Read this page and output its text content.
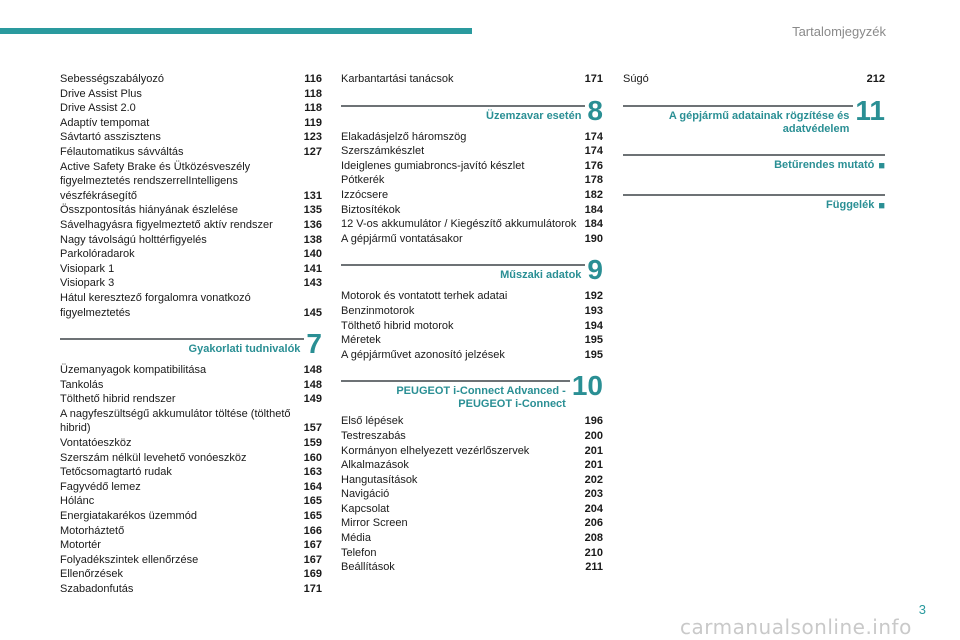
Tartalomjegyzék
Sebességszabályozó	116
Drive Assist Plus	118
Drive Assist 2.0	118
Adaptív tempomat	119
Sávtartó asszisztens	123
Félautomatikus sávváltás	127
Active Safety Brake és Ütközésveszély figyelmeztetés rendszerrelIntelligens vészfékrásegítő	131
Összpontosítás hiányának észlelése	135
Sávelhagyásra figyelmeztető aktív rendszer	136
Nagy távolságú holttérfigyelés	138
Parkolóradarok	140
Visiopark 1	141
Visiopark 3	143
Hátul keresztező forgalomra vonatkozó figyelmeztetés	145
Gyakorlati tudnivalók 7
Üzemanyagok kompatibilitása	148
Tankolás	148
Tölthető hibrid rendszer	149
A nagyfeszültségű akkumulátor töltése (tölthető hibrid)	157
Vontatóeszköz	159
Szerszám nélkül levehető vonóeszköz	160
Tetőcsomagtartó rudak	163
Fagyvédő lemez	164
Hólánc	165
Energiatakarékos üzemmód	165
Motorháztető	166
Motortér	167
Folyadékszintek ellenőrzése	167
Ellenőrzések	169
Szabadonfutás	171
Karbantartási tanácsok	171
Üzemzavar esetén 8
Elakadásjelző háromszög	174
Szerszámkészlet	174
Ideiglenes gumiabroncs-javító készlet	176
Pótkerék	178
Izzócsere	182
Biztosítékok	184
12 V-os akkumulátor / Kiegészítő akkumulátorok 184
A gépjármű vontatásakor	190
Műszaki adatok 9
Motorok és vontatott terhek adatai	192
Benzinmotorok	193
Tölthető hibrid motorok	194
Méretek	195
A gépjárművet azonosító jelzések	195
PEUGEOT i-Connect Advanced - PEUGEOT i-Connect
10
Első lépések	196
Testreszabás	200
Kormányon elhelyezett vezérlőszervek	201
Alkalmazások	201
Hangutasítások	202
Navigáció	203
Kapcsolat	204
Mirror Screen	206
Média	208
Telefon	210
Beállítások	211
Súgó	212
A gépjármű adatainak rögzítése és adatvédelem
11
Betűrendes mutató ■
Függelék ■
3
carmanualsonline.info
